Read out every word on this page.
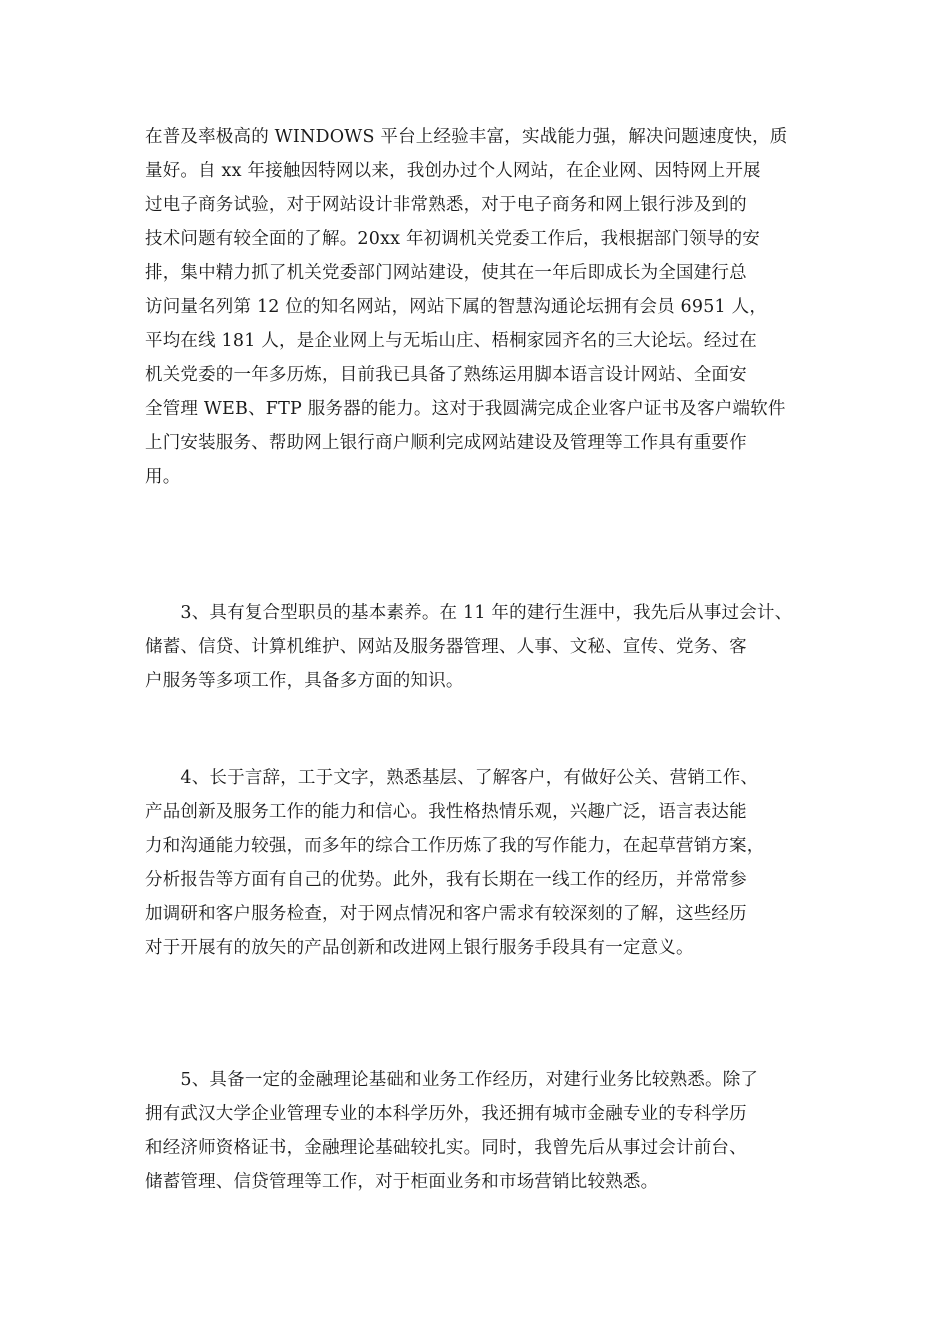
在普及率极高的 WINDOWS 平台上经验丰富，实战能力强，解决问题速度快，质
量好。自 xx 年接触因特网以来，我创办过个人网站，在企业网、因特网上开展
过电子商务试验，对于网站设计非常熟悉，对于电子商务和网上银行涉及到的
技术问题有较全面的了解。20xx 年初调机关党委工作后，我根据部门领导的安
排，集中精力抓了机关党委部门网站建设，使其在一年后即成长为全国建行总
访问量名列第 12 位的知名网站，网站下属的智慧沟通论坛拥有会员 6951 人，
平均在线 181 人，是企业网上与无垢山庄、梧桐家园齐名的三大论坛。经过在
机关党委的一年多历炼，目前我已具备了熟练运用脚本语言设计网站、全面安
全管理 WEB、FTP 服务器的能力。这对于我圆满完成企业客户证书及客户端软件
上门安装服务、帮助网上银行商户顺利完成网站建设及管理等工作具有重要作
用。
　　3、具有复合型职员的基本素养。在 11 年的建行生涯中，我先后从事过会计、
储蓄、信贷、计算机维护、网站及服务器管理、人事、文秘、宣传、党务、客
户服务等多项工作，具备多方面的知识。
　　4、长于言辞，工于文字，熟悉基层、了解客户，有做好公关、营销工作、
产品创新及服务工作的能力和信心。我性格热情乐观，兴趣广泛，语言表达能
力和沟通能力较强，而多年的综合工作历炼了我的写作能力，在起草营销方案，
分析报告等方面有自己的优势。此外，我有长期在一线工作的经历，并常常参
加调研和客户服务检查，对于网点情况和客户需求有较深刻的了解，这些经历
对于开展有的放矢的产品创新和改进网上银行服务手段具有一定意义。
　　5、具备一定的金融理论基础和业务工作经历，对建行业务比较熟悉。除了
拥有武汉大学企业管理专业的本科学历外，我还拥有城市金融专业的专科学历
和经济师资格证书，金融理论基础较扎实。同时，我曾先后从事过会计前台、
储蓄管理、信贷管理等工作，对于柜面业务和市场营销比较熟悉。
